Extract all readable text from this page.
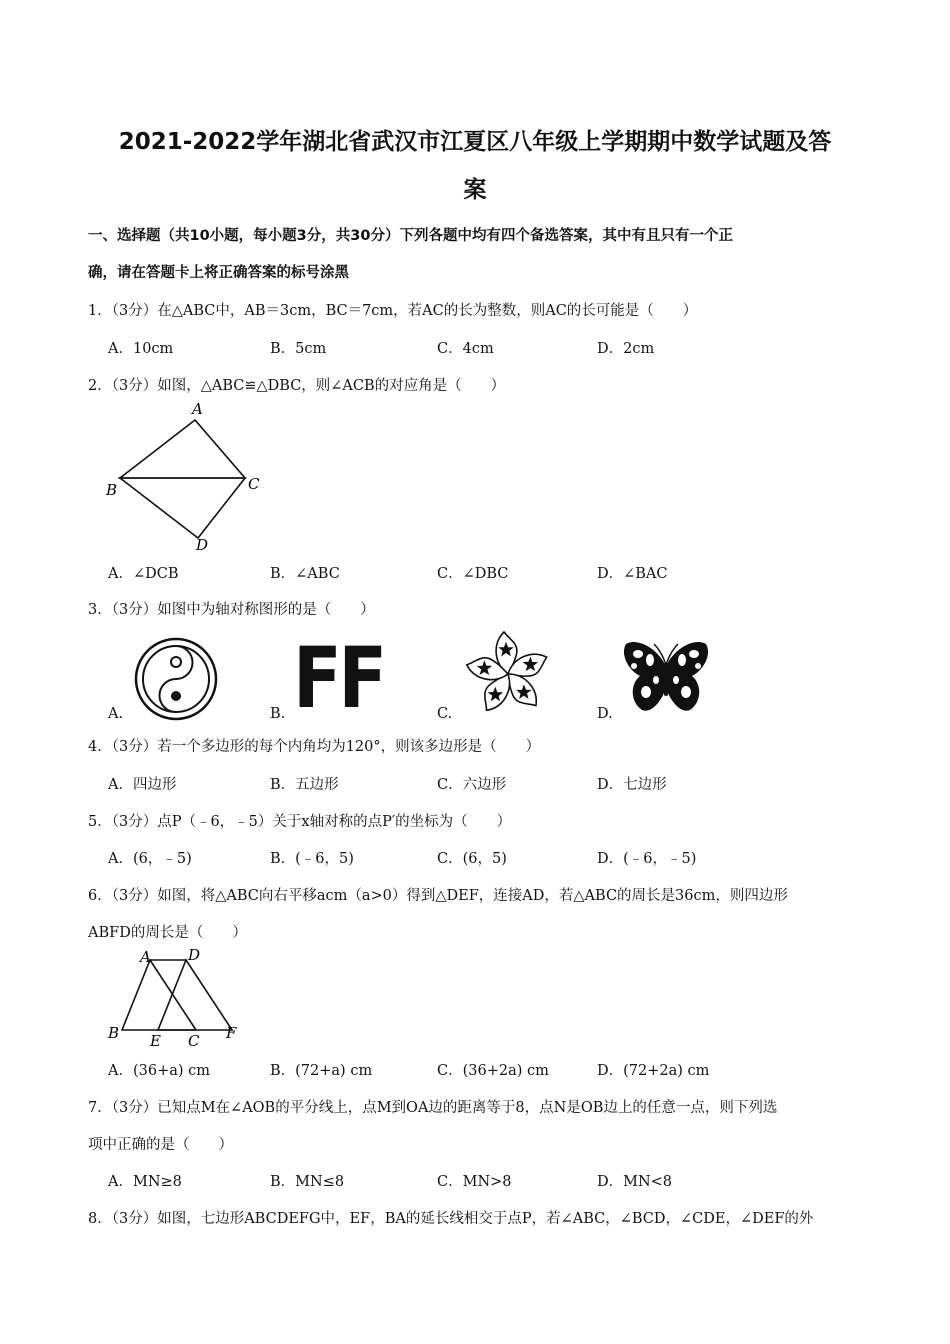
2021-2022学年湖北省武汉市江夏区八年级上学期期中数学试题及答
案
一、选择题（共10小题，每小题3分，共30分）下列各题中均有四个备选答案，其中有且只有一个正
确，请在答题卡上将正确答案的标号涂黑
1．（3分）在△ABC中，AB＝3cm，BC＝7cm，若AC的长为整数，则AC的长可能是（　　）
A．10cm	B．5cm	C．4cm	D．2cm
2．（3分）如图，△ABC≌△DBC，则∠ACB的对应角是（　　）
A
B	C
D
A．∠DCB	B．∠ABC	C．∠DBC	D．∠BAC
3．（3分）如图中为轴对称图形的是（　　）
FF
A.	B.	C.	D.
4．（3分）若一个多边形的每个内角均为120°，则该多边形是（　　）
A．四边形	B．五边形	C．六边形	D．七边形
5．（3分）点P（﹣6，﹣5）关于x轴对称的点P′的坐标为（　　）
A．(6，﹣5)	B．(﹣6，5)	C．(6，5)	D．(﹣6，﹣5)
6．（3分）如图，将△ABC向右平移acm（a>0）得到△DEF，连接AD，若△ABC的周长是36cm，则四边形
ABFD的周长是（　　）
A D
B E C F
A．(36+a) cm	B．(72+a) cm	C．(36+2a) cm	D．(72+2a) cm
7．（3分）已知点M在∠AOB的平分线上，点M到OA边的距离等于8，点N是OB边上的任意一点，则下列选
项中正确的是（　　）
A．MN≥8	B．MN≤8	C．MN>8	D．MN<8
8．（3分）如图，七边形ABCDEFG中，EF，BA的延长线相交于点P，若∠ABC，∠BCD，∠CDE，∠DEF的外
